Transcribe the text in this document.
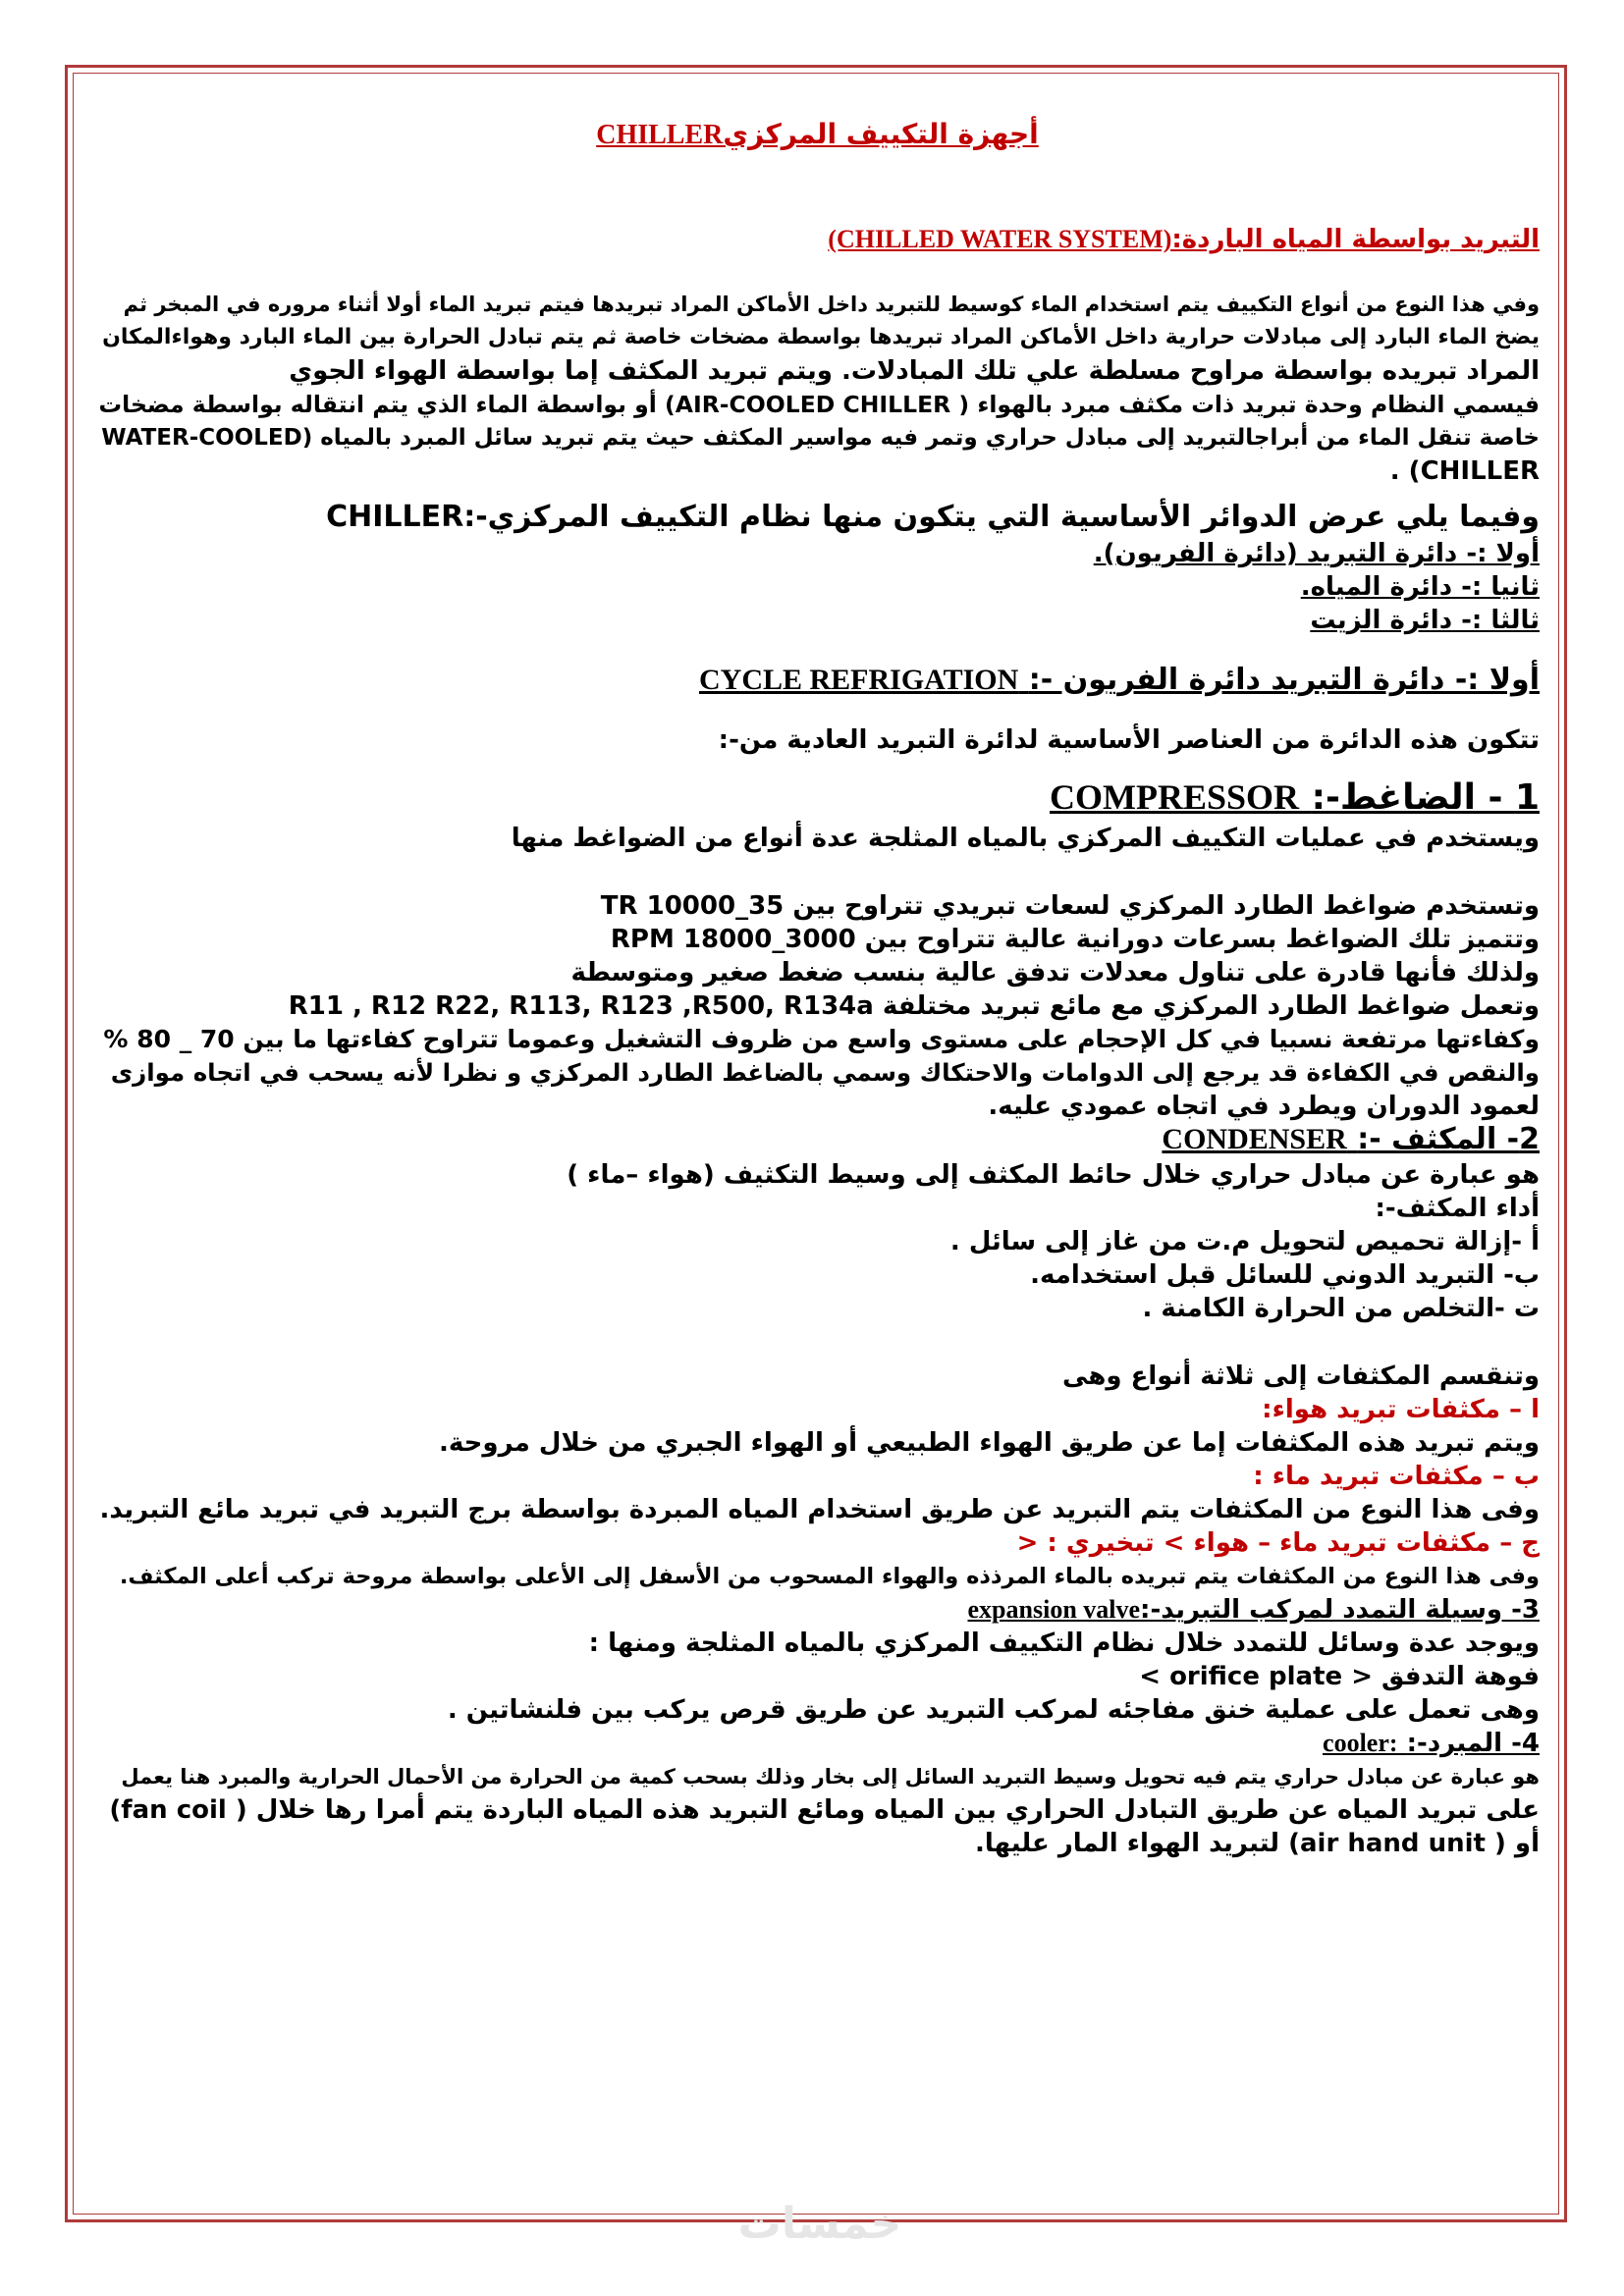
أجهزة التكييف المركزيCHILLER
التبريد بواسطة المياه الباردة:(CHILLED WATER SYSTEM)
وفي هذا النوع من أنواع التكييف يتم استخدام الماء كوسيط للتبريد داخل الأماكن المراد تبريدها فيتم تبريد الماء أولا أثناء مروره في المبخر ثم
يضخ الماء البارد إلى مبادلات حرارية داخل الأماكن المراد تبريدها بواسطة مضخات خاصة ثم يتم تبادل الحرارة بين الماء البارد وهواءالمكان
المراد تبريده بواسطة مراوح مسلطة علي تلك المبادلات. ويتم تبريد المكثف إما بواسطة الهواء الجوي
فيسمي النظام وحدة تبريد ذات مكثف مبرد بالهواء ( AIR-COOLED CHILLER) أو بواسطة الماء الذي يتم انتقاله بواسطة مضخات
خاصة تنقل الماء من أبراجالتبريد إلى مبادل حراري وتمر فيه مواسير المكثف حيث يتم تبريد سائل المبرد بالمياه (WATER-COOLED
CHILLER) .
وفيما يلي عرض الدوائر الأساسية التي يتكون منها نظام التكييف المركزي-:CHILLER
أولا :- دائرة التبريد (دائرة الفريون).
ثانيا :- دائرة المياه.
ثالثا :- دائرة الزيت
أولا :- دائرة التبريد دائرة الفريون -: CYCLE REFRIGATION
تتكون هذه الدائرة من العناصر الأساسية لدائرة التبريد العادية من-:
1 - الضاغط-: COMPRESSOR
ويستخدم في عمليات التكييف المركزي بالمياه المثلجة عدة أنواع من الضواغط منها
وتستخدم ضواغط الطارد المركزي لسعات تبريدي تتراوح بين 35_10000 TR
وتتميز تلك الضواغط بسرعات دورانية عالية تتراوح بين 3000_18000 RPM
ولذلك فأنها قادرة على تناول معدلات تدفق عالية بنسب ضغط صغير ومتوسطة
وتعمل ضواغط الطارد المركزي مع مائع تبريد مختلفة R11 , R12 R22, R113, R123 ,R500, R134a
وكفاءتها مرتفعة نسبيا في كل الإحجام على مستوى واسع من ظروف التشغيل وعموما تتراوح كفاءتها ما بين 70 _ 80 %
والنقص في الكفاءة قد يرجع إلى الدوامات والاحتكاك وسمي بالضاغط الطارد المركزي و نظرا لأنه يسحب في اتجاه موازى
لعمود الدوران ويطرد في اتجاه عمودي عليه.
2- المكثف -: CONDENSER
هو عبارة عن مبادل حراري خلال حائط المكثف إلى وسيط التكثيف (هواء –ماء )
أداء المكثف-:
أ -إزالة تحميص لتحويل م.ت من غاز إلى سائل .
ب- التبريد الدوني للسائل قبل استخدامه.
ت -التخلص من الحرارة الكامنة .
وتنقسم المكثفات إلى ثلاثة أنواع وهى
ا – مكثفات تبريد هواء:
ويتم تبريد هذه المكثفات إما عن طريق الهواء الطبيعي أو الهواء الجبري من خلال مروحة.
ب – مكثفات تبريد ماء :
وفى هذا النوع من المكثفات يتم التبريد عن طريق استخدام المياه المبردة بواسطة برج التبريد في تبريد مائع التبريد.
ج – مكثفات تبريد ماء – هواء > تبخيري : <
وفى هذا النوع من المكثفات يتم تبريده بالماء المرذذه والهواء المسحوب من الأسفل إلى الأعلى بواسطة مروحة تركب أعلى المكثف.
3- وسيلة التمدد لمركب التبريد-:expansion valve
ويوجد عدة وسائل للتمدد خلال نظام التكييف المركزي بالمياه المثلجة ومنها :
فوهة التدفق < orifice plate >
وهى تعمل على عملية خنق مفاجئه لمركب التبريد عن طريق قرص يركب بين فلنشاتين .
4- المبرد-: cooler:
هو عبارة عن مبادل حراري يتم فيه تحويل وسيط التبريد السائل إلى بخار وذلك بسحب كمية من الحرارة من الأحمال الحرارية والمبرد هنا يعمل
على تبريد المياه عن طريق التبادل الحراري بين المياه ومائع التبريد هذه المياه الباردة يتم أمرا رها خلال ( fan coil)
أو ( air hand unit) لتبريد الهواء المار عليها.
خمسات
